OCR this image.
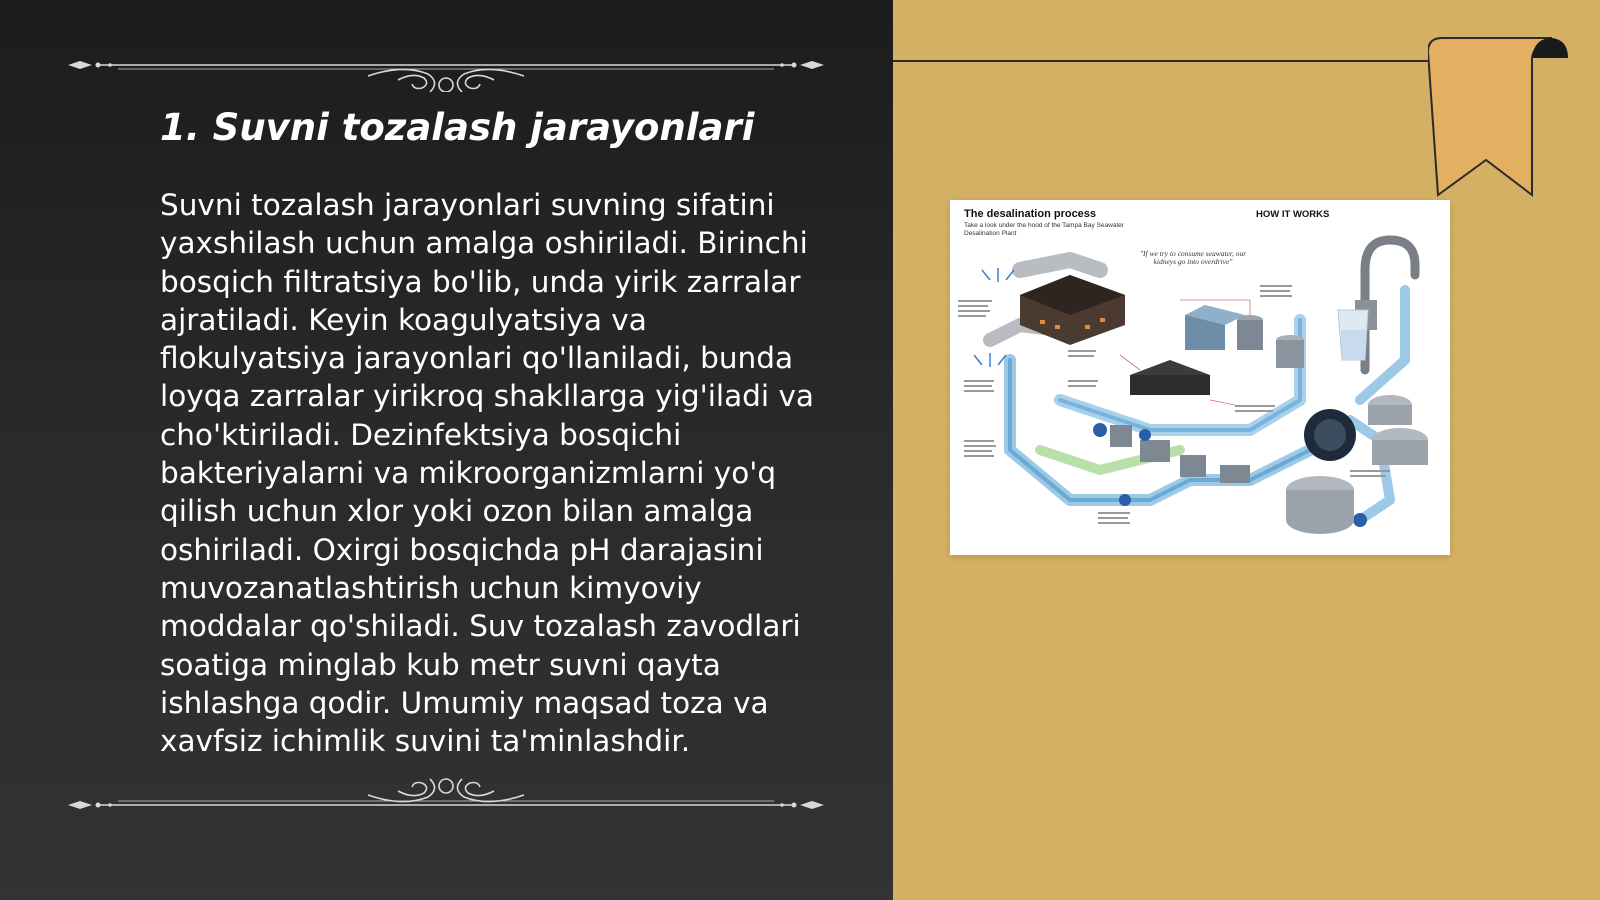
1. Suvni tozalash jarayonlari

Suvni tozalash jarayonlari suvning sifatini yaxshilash uchun amalga oshiriladi. Birinchi bosqich filtratsiya bo'lib, unda yirik zarralar ajratiladi. Keyin koagulyatsiya va flokulyatsiya jarayonlari qo'llaniladi, bunda loyqa zarralar yirikroq shakllarga yig'iladi va cho'ktiriladi. Dezinfektsiya bosqichi bakteriyalarni va mikroorganizmlarni yo'q qilish uchun xlor yoki ozon bilan amalga oshiriladi. Oxirgi bosqichda pH darajasini muvozanatlashtirish uchun kimyoviy moddalar qo'shiladi. Suv tozalash zavodlari soatiga minglab kub metr suvni qayta ishlashga qodir. Umumiy maqsad toza va xavfsiz ichimlik suvini ta'minlashdir.

The desalination process
Take a look under the hood of the Tampa Bay Seawater Desalination Plant
HOW IT WORKS
"If we try to consume seawater, our kidneys go into overdrive"
